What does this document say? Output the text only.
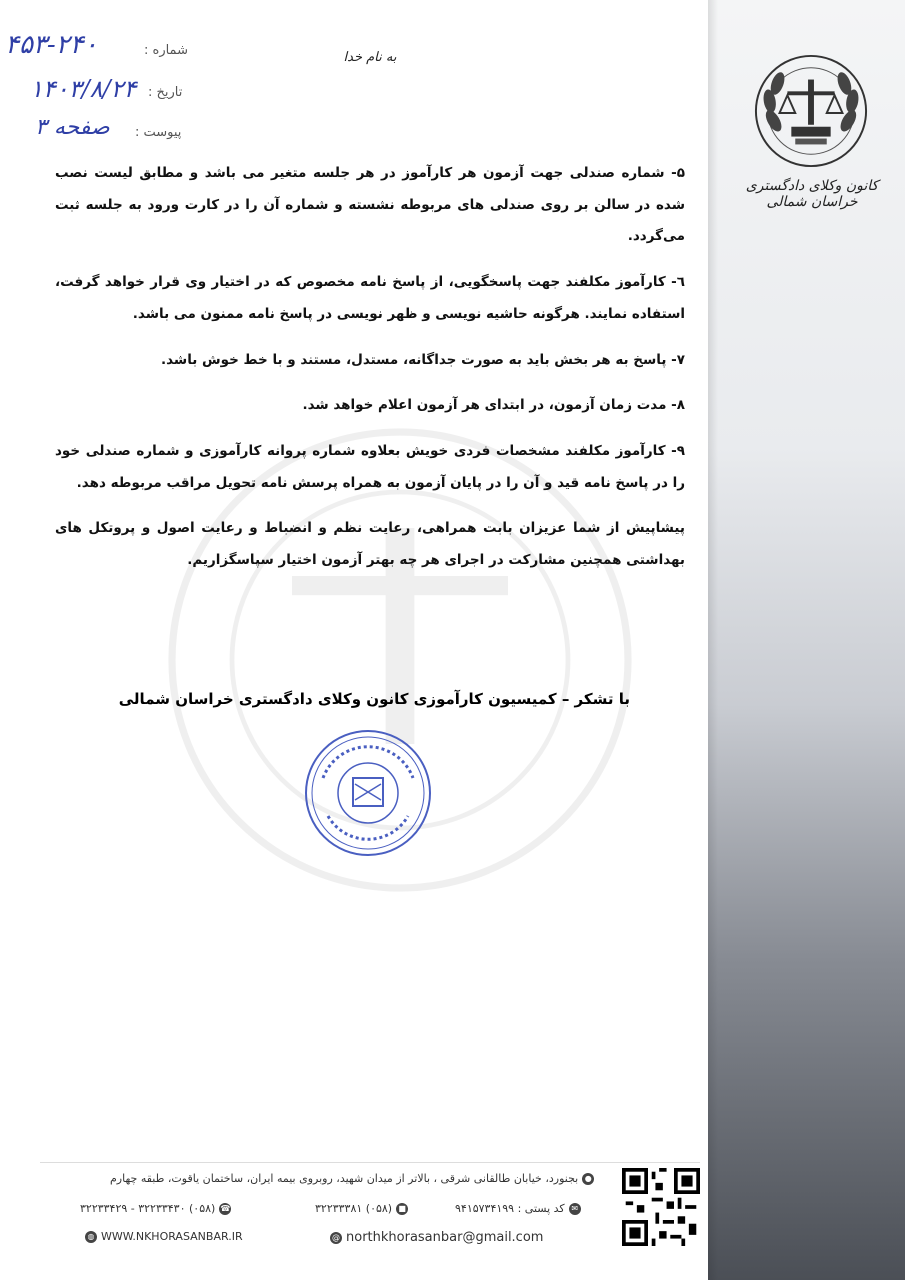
کانون وکلای دادگستری خراسان شمالی
شماره :
۴۵۳-۲۴۰
تاریخ :
۱۴۰۳/۸/۲۴
پیوست :
۳ صفحه
به نام خدا

۵- شماره صندلی جهت آزمون هر کارآموز در هر جلسه متغیر می باشد و مطابق لیست نصب شده در سالن بر روی صندلی های مربوطه نشسته و شماره آن را در کارت ورود به جلسه ثبت می‌گردد.

٦- کارآموز مکلفند جهت پاسخگویی، از پاسخ نامه مخصوص که در اختیار وی قرار خواهد گرفت، استفاده نمایند. هرگونه حاشیه نویسی و ظهر نویسی در پاسخ نامه ممنون می باشد.

۷- پاسخ به هر بخش باید به صورت جداگانه، مستدل، مستند و با خط خوش باشد.

۸- مدت زمان آزمون، در ابتدای هر آزمون اعلام خواهد شد.

۹- کارآموز مکلفند مشخصات فردی خویش بعلاوه شماره پروانه کارآموزی و شماره صندلی خود را در پاسخ نامه قید و آن را در پایان آزمون به همراه پرسش نامه تحویل مراقب مربوطه دهد.

پیشاپیش از شما عزیزان بابت همراهی، رعایت نظم و انضباط و رعایت اصول و پروتکل های بهداشتی همچنین مشارکت در اجرای هر چه بهتر آزمون اختیار سپاسگزاریم.

با تشکر – کمیسیون کارآموزی کانون وکلای دادگستری خراسان شمالی
●
بجنورد، خیابان طالقانی شرقی ، بالاتر از میدان شهید، روبروی بیمه ایران، ساختمان یاقوت، طبقه چهارم
✉
کد پستی : ۹۴۱۵۷۳۴۱۹۹
■
(۰۵۸) ۳۲۲۳۳۳۸۱
☎
(۰۵۸) ۳۲۲۳۳۴۳۰ - ۳۲۲۳۳۴۲۹
◍ WWW.NKHORASANBAR.IR	@ northkhorasanbar@gmail.com
